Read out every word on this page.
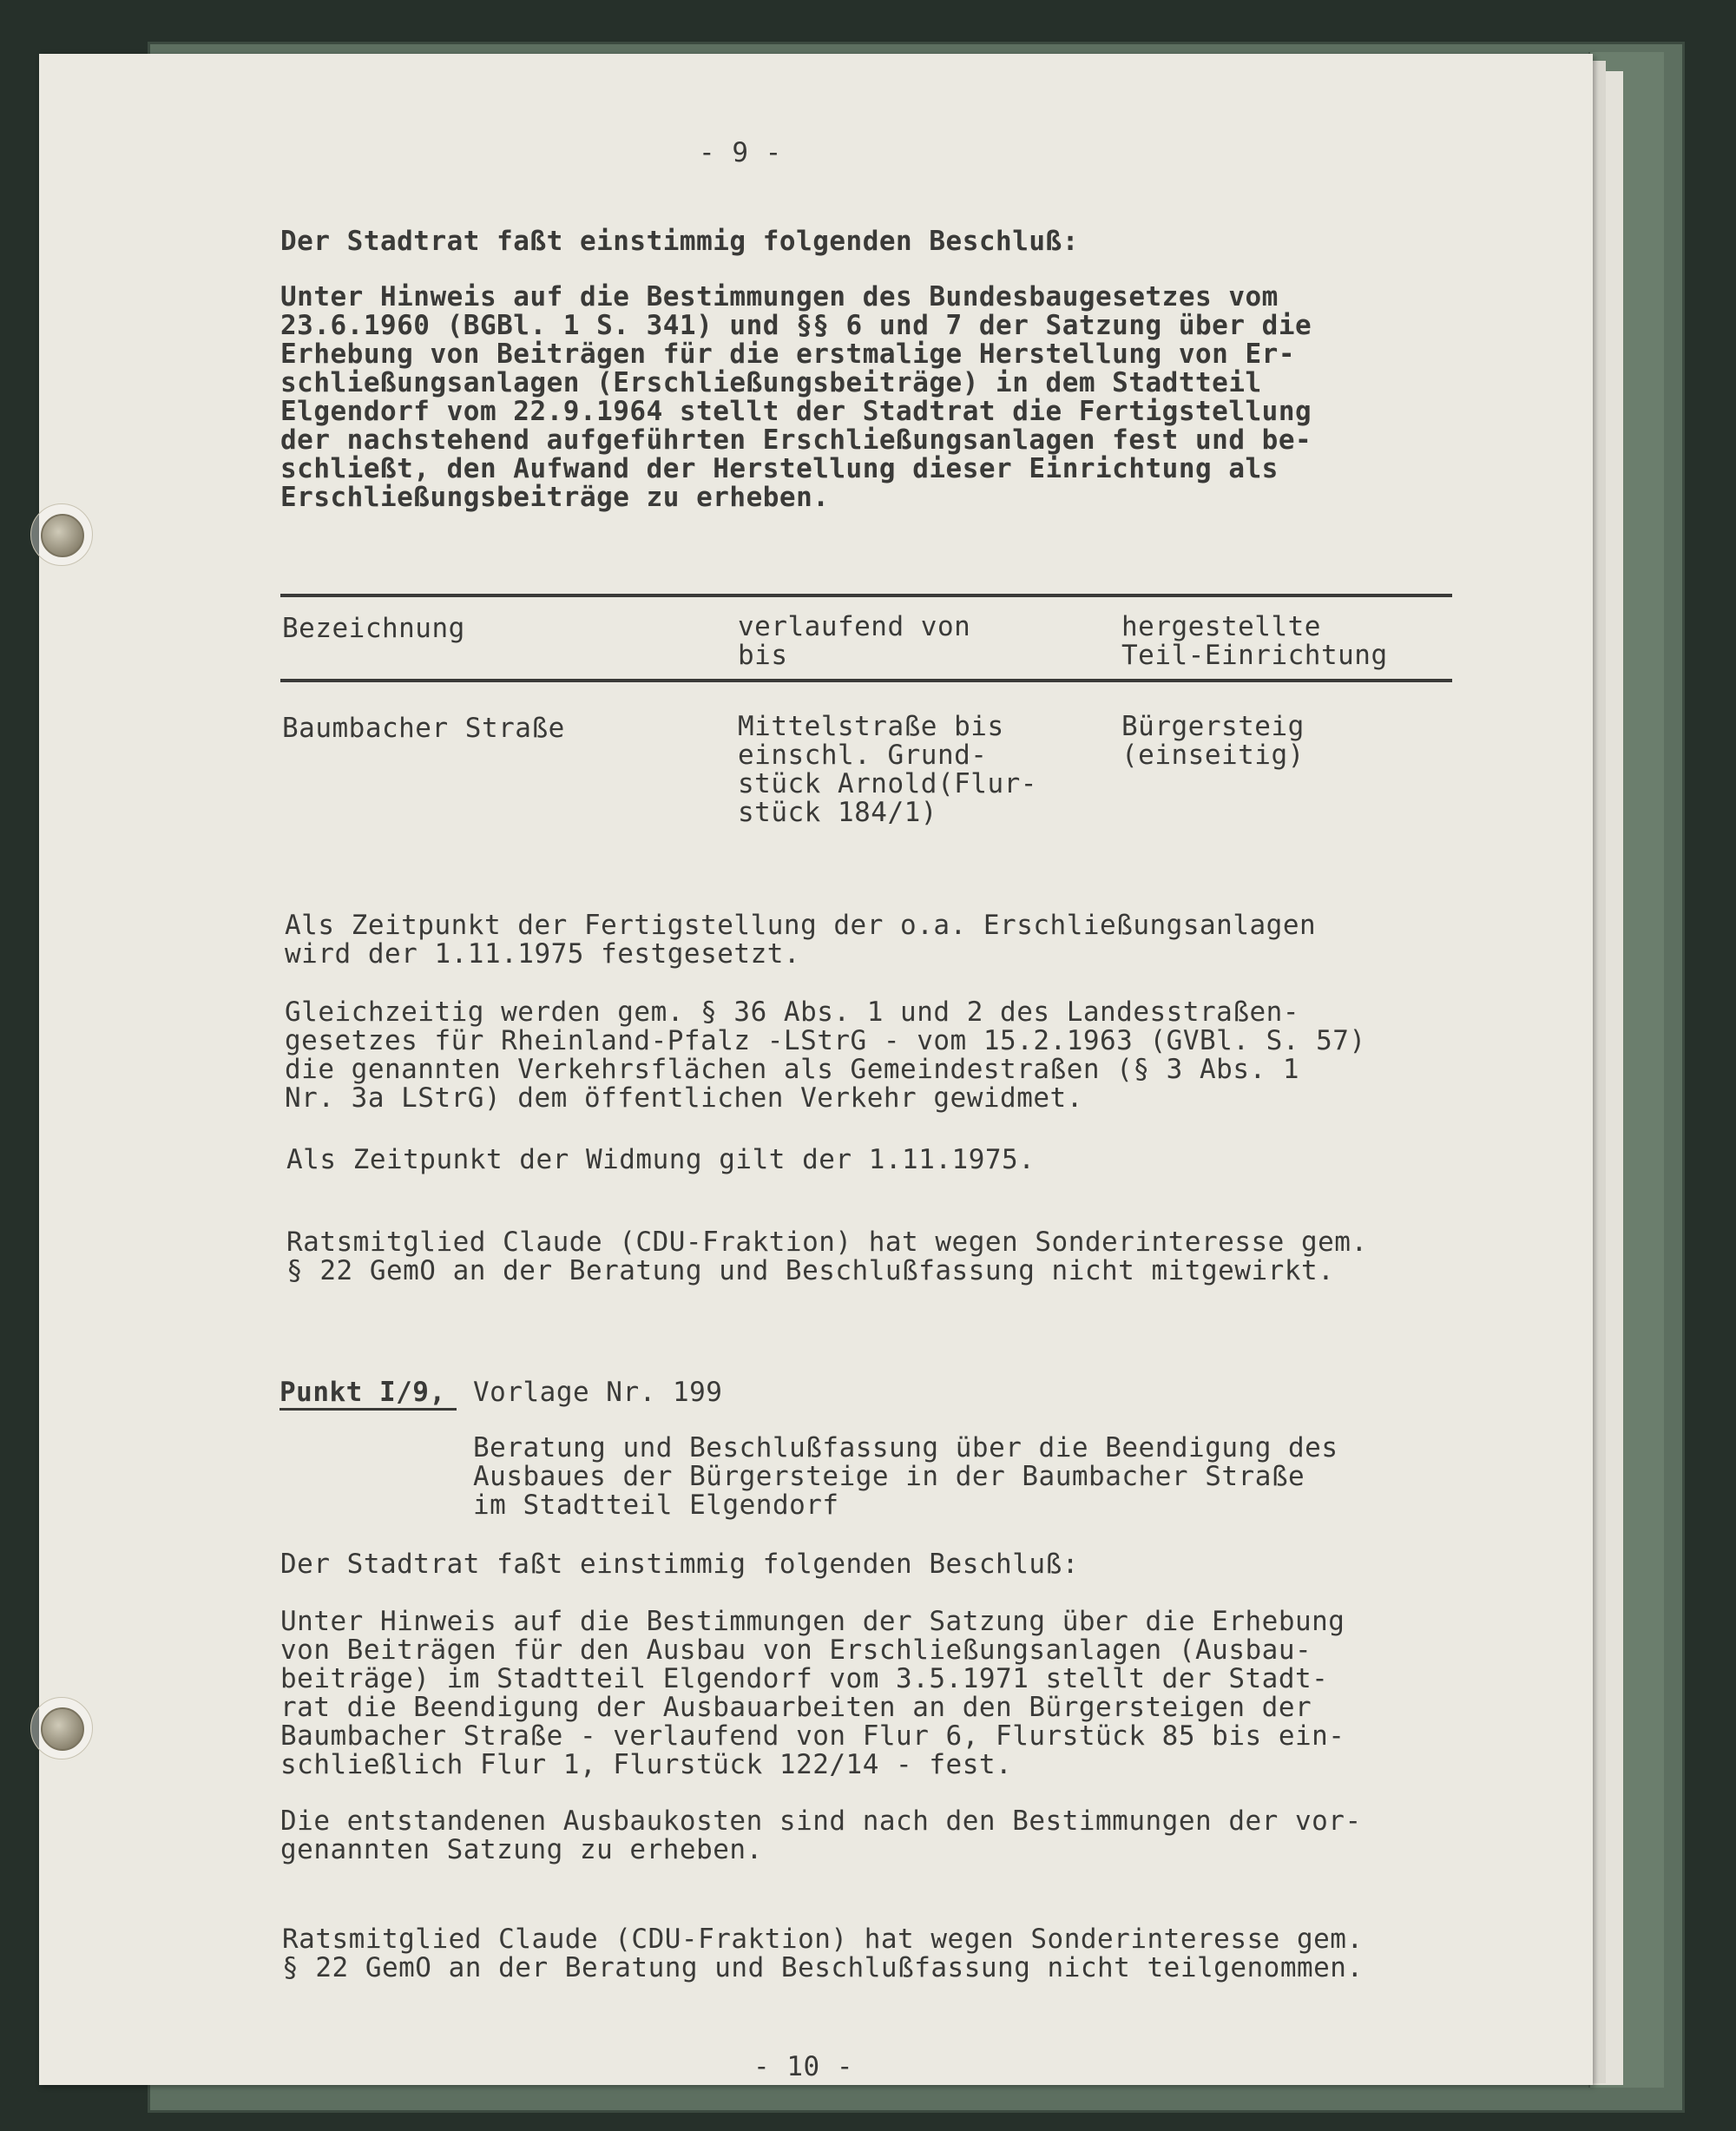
- 9 -

Der Stadtrat faßt einstimmig folgenden Beschluß:

Unter Hinweis auf die Bestimmungen des Bundesbaugesetzes vom

23.6.1960 (BGBl. 1 S. 341) und §§ 6 und 7 der Satzung über die

Erhebung von Beiträgen für die erstmalige Herstellung von Er-

schließungsanlagen (Erschließungsbeiträge) in dem Stadtteil

Elgendorf vom 22.9.1964 stellt der Stadtrat die Fertigstellung

der nachstehend aufgeführten Erschließungsanlagen fest und be-

schließt, den Aufwand der Herstellung dieser Einrichtung als

Erschließungsbeiträge zu erheben.

Bezeichnung	verlaufend von
bis

hergestellte
Teil-Einrichtung

Baumbacher Straße	Mittelstraße bis
einschl. Grund-
stück Arnold(Flur-
stück 184/1)

Bürgersteig
(einseitig)

Als Zeitpunkt der Fertigstellung der o.a. Erschließungsanlagen
wird der 1.11.1975 festgesetzt.

Gleichzeitig werden gem. § 36 Abs. 1 und 2 des Landesstraßen-
gesetzes für Rheinland-Pfalz -LStrG - vom 15.2.1963 (GVBl. S. 57)
die genannten Verkehrsflächen als Gemeindestraßen (§ 3 Abs. 1
Nr. 3a LStrG) dem öffentlichen Verkehr gewidmet.

Als Zeitpunkt der Widmung gilt der 1.11.1975.

Ratsmitglied Claude (CDU-Fraktion) hat wegen Sonderinteresse gem.
§ 22 GemO an der Beratung und Beschlußfassung nicht mitgewirkt.

Punkt I/9, Vorlage Nr. 199

Beratung und Beschlußfassung über die Beendigung des
Ausbaues der Bürgersteige in der Baumbacher Straße
im Stadtteil Elgendorf

Der Stadtrat faßt einstimmig folgenden Beschluß:

Unter Hinweis auf die Bestimmungen der Satzung über die Erhebung
von Beiträgen für den Ausbau von Erschließungsanlagen (Ausbau-
beiträge) im Stadtteil Elgendorf vom 3.5.1971 stellt der Stadt-
rat die Beendigung der Ausbauarbeiten an den Bürgersteigen der
Baumbacher Straße - verlaufend von Flur 6, Flurstück 85 bis ein-
schließlich Flur 1, Flurstück 122/14 - fest.

Die entstandenen Ausbaukosten sind nach den Bestimmungen der vor-
genannten Satzung zu erheben.

Ratsmitglied Claude (CDU-Fraktion) hat wegen Sonderinteresse gem.
§ 22 GemO an der Beratung und Beschlußfassung nicht teilgenommen.

- 10 -
